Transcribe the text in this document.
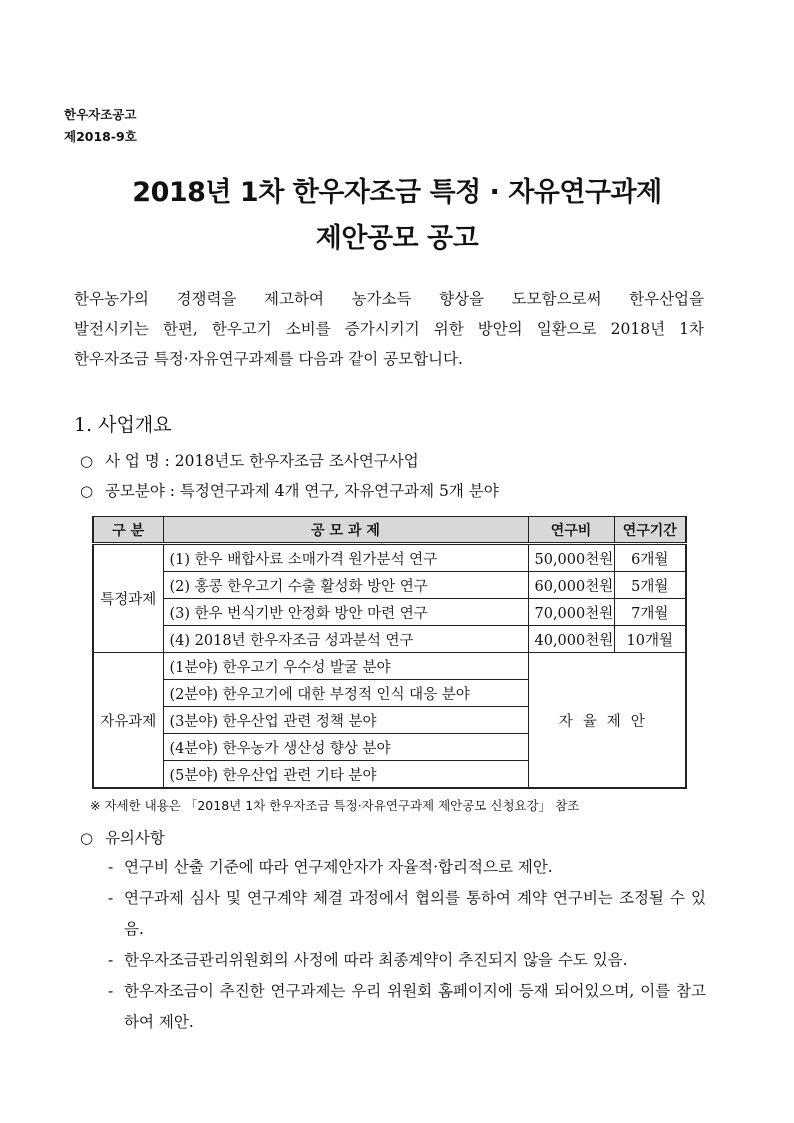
한우자조공고
제2018-9호
2018년 1차 한우자조금 특정 · 자유연구과제
제안공모 공고
한우농가의 경쟁력을 제고하여 농가소득 향상을 도모함으로써 한우산업을
발전시키는 한편, 한우고기 소비를 증가시키기 위한 방안의 일환으로 2018년 1차
한우자조금 특정·자유연구과제를 다음과 같이 공모합니다.
1. 사업개요
○ 사 업 명 : 2018년도 한우자조금 조사연구사업
○ 공모분야 : 특정연구과제 4개 연구, 자유연구과제 5개 분야
구 분	공 모 과 제	연구비	연구기간
특정과제	(1) 한우 배합사료 소매가격 원가분석 연구	50,000천원	6개월
	(2) 홍콩 한우고기 수출 활성화 방안 연구	60,000천원	5개월
	(3) 한우 번식기반 안정화 방안 마련 연구	70,000천원	7개월
	(4) 2018년 한우자조금 성과분석 연구	40,000천원	10개월
자유과제	(1분야) 한우고기 우수성 발굴 분야	자율제안	
	(2분야) 한우고기에 대한 부정적 인식 대응 분야		
	(3분야) 한우산업 관련 정책 분야		
	(4분야) 한우농가 생산성 향상 분야		
	(5분야) 한우산업 관련 기타 분야		
※ 자세한 내용은 「2018년 1차 한우자조금 특정·자유연구과제 제안공모 신청요강」 참조
○ 유의사항
- 연구비 산출 기준에 따라 연구제안자가 자율적·합리적으로 제안.
- 연구과제 심사 및 연구계약 체결 과정에서 협의를 통하여 계약 연구비는 조정될 수 있음.
- 한우자조금관리위원회의 사정에 따라 최종계약이 추진되지 않을 수도 있음.
- 한우자조금이 추진한 연구과제는 우리 위원회 홈페이지에 등재 되어있으며, 이를 참고하여 제안.
